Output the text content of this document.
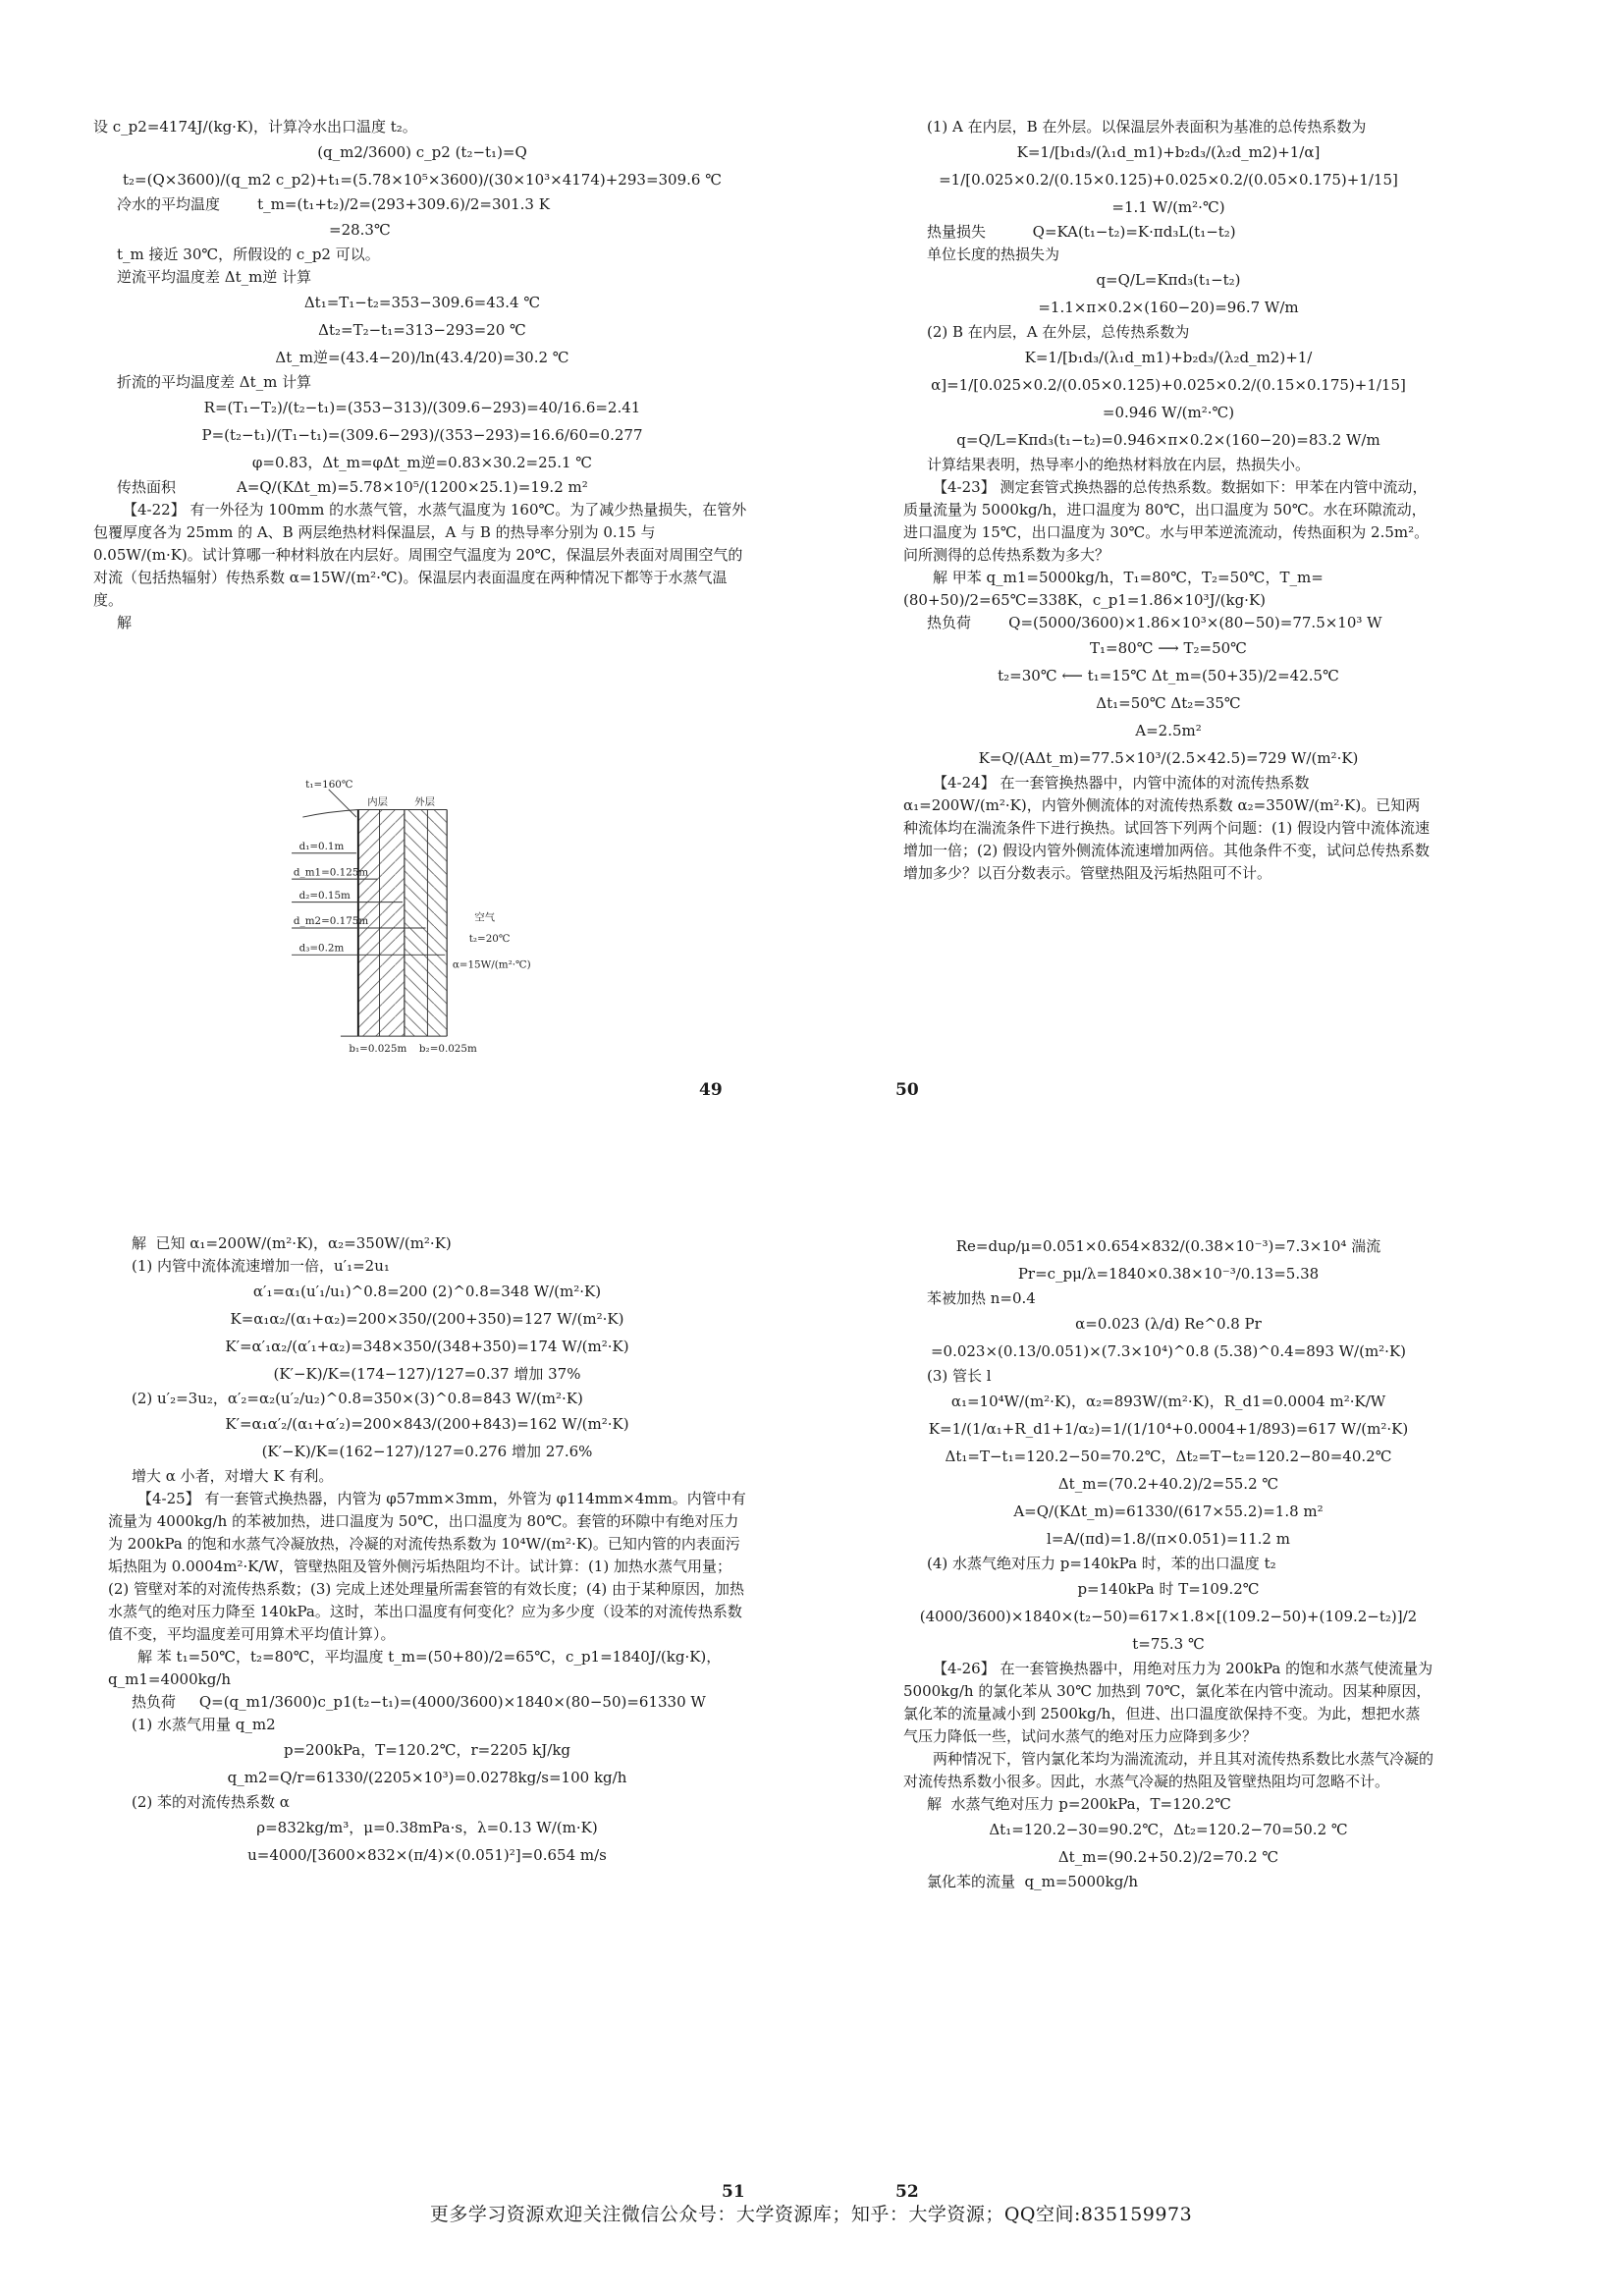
设 c_p2=4174J/(kg·K)，计算冷水出口温度 t₂。
(q_m2/3600) c_p2 (t₂−t₁)=Q
t₂=(Q×3600)/(q_m2 c_p2)+t₁=(5.78×10⁵×3600)/(30×10³×4174)+293=309.6 ℃
冷水的平均温度        t_m=(t₁+t₂)/2=(293+309.6)/2=301.3 K
=28.3℃
t_m 接近 30℃，所假设的 c_p2 可以。
逆流平均温度差 Δt_m逆 计算
Δt₁=T₁−t₂=353−309.6=43.4 ℃
Δt₂=T₂−t₁=313−293=20 ℃
Δt_m逆=(43.4−20)/ln(43.4/20)=30.2 ℃
折流的平均温度差 Δt_m 计算
R=(T₁−T₂)/(t₂−t₁)=(353−313)/(309.6−293)=40/16.6=2.41
P=(t₂−t₁)/(T₁−t₁)=(309.6−293)/(353−293)=16.6/60=0.277
φ=0.83，Δt_m=φΔt_m逆=0.83×30.2=25.1 ℃
传热面积             A=Q/(KΔt_m)=5.78×10⁵/(1200×25.1)=19.2 m²
【4-22】 有一外径为 100mm 的水蒸气管，水蒸气温度为 160℃。为了减少热量损失，在管外包覆厚度各为 25mm 的 A、B 两层绝热材料保温层，A 与 B 的热导率分别为 0.15 与 0.05W/(m·K)。试计算哪一种材料放在内层好。周围空气温度为 20℃，保温层外表面对周围空气的对流（包括热辐射）传热系数 α=15W/(m²·℃)。保温层内表面温度在两种情况下都等于水蒸气温度。
解
(1) A 在内层，B 在外层。以保温层外表面积为基准的总传热系数为
K=1/[b₁d₃/(λ₁d_m1)+b₂d₃/(λ₂d_m2)+1/α]
=1/[0.025×0.2/(0.15×0.125)+0.025×0.2/(0.05×0.175)+1/15]
=1.1 W/(m²·℃)
热量损失          Q=KA(t₁−t₂)=K·πd₃L(t₁−t₂)
单位长度的热损失为
q=Q/L=Kπd₃(t₁−t₂)
=1.1×π×0.2×(160−20)=96.7 W/m
(2) B 在内层，A 在外层，总传热系数为
K=1/[b₁d₃/(λ₁d_m1)+b₂d₃/(λ₂d_m2)+1/α]=1/[0.025×0.2/(0.05×0.125)+0.025×0.2/(0.15×0.175)+1/15]
=0.946 W/(m²·℃)
q=Q/L=Kπd₃(t₁−t₂)=0.946×π×0.2×(160−20)=83.2 W/m
计算结果表明，热导率小的绝热材料放在内层，热损失小。
【4-23】 测定套管式换热器的总传热系数。数据如下：甲苯在内管中流动，质量流量为 5000kg/h，进口温度为 80℃，出口温度为 50℃。水在环隙流动，进口温度为 15℃，出口温度为 30℃。水与甲苯逆流流动，传热面积为 2.5m²。问所测得的总传热系数为多大？
解 甲苯 q_m1=5000kg/h，T₁=80℃，T₂=50℃，T_m=(80+50)/2=65℃=338K，c_p1=1.86×10³J/(kg·K)
热负荷        Q=(5000/3600)×1.86×10³×(80−50)=77.5×10³ W
T₁=80℃ ⟶ T₂=50℃
t₂=30℃ ⟵ t₁=15℃ Δt_m=(50+35)/2=42.5℃
Δt₁=50℃ Δt₂=35℃
A=2.5m²
K=Q/(AΔt_m)=77.5×10³/(2.5×42.5)=729 W/(m²·K)
【4-24】 在一套管换热器中，内管中流体的对流传热系数 α₁=200W/(m²·K)，内管外侧流体的对流传热系数 α₂=350W/(m²·K)。已知两种流体均在湍流条件下进行换热。试回答下列两个问题：(1) 假设内管中流体流速增加一倍；(2) 假设内管外侧流体流速增加两倍。其他条件不变，试问总传热系数增加多少？以百分数表示。管壁热阻及污垢热阻可不计。
解  已知 α₁=200W/(m²·K)，α₂=350W/(m²·K)
(1) 内管中流体流速增加一倍，u′₁=2u₁
α′₁=α₁(u′₁/u₁)^0.8=200 (2)^0.8=348 W/(m²·K)
K=α₁α₂/(α₁+α₂)=200×350/(200+350)=127 W/(m²·K)
K′=α′₁α₂/(α′₁+α₂)=348×350/(348+350)=174 W/(m²·K)
(K′−K)/K=(174−127)/127=0.37 增加 37%
(2) u′₂=3u₂，α′₂=α₂(u′₂/u₂)^0.8=350×(3)^0.8=843 W/(m²·K)
K′=α₁α′₂/(α₁+α′₂)=200×843/(200+843)=162 W/(m²·K)
(K′−K)/K=(162−127)/127=0.276 增加 27.6%
增大 α 小者，对增大 K 有利。
【4-25】 有一套管式换热器，内管为 φ57mm×3mm，外管为 φ114mm×4mm。内管中有流量为 4000kg/h 的苯被加热，进口温度为 50℃，出口温度为 80℃。套管的环隙中有绝对压力为 200kPa 的饱和水蒸气冷凝放热，冷凝的对流传热系数为 10⁴W/(m²·K)。已知内管的内表面污垢热阻为 0.0004m²·K/W，管壁热阻及管外侧污垢热阻均不计。试计算：(1) 加热水蒸气用量；(2) 管壁对苯的对流传热系数；(3) 完成上述处理量所需套管的有效长度；(4) 由于某种原因，加热水蒸气的绝对压力降至 140kPa。这时，苯出口温度有何变化？应为多少度（设苯的对流传热系数值不变，平均温度差可用算术平均值计算）。
解 苯 t₁=50℃，t₂=80℃，平均温度 t_m=(50+80)/2=65℃，c_p1=1840J/(kg·K)，q_m1=4000kg/h
热负荷     Q=(q_m1/3600)c_p1(t₂−t₁)=(4000/3600)×1840×(80−50)=61330 W
(1) 水蒸气用量 q_m2
p=200kPa，T=120.2℃，r=2205 kJ/kg
q_m2=Q/r=61330/(2205×10³)=0.0278kg/s=100 kg/h
(2) 苯的对流传热系数 α
ρ=832kg/m³，μ=0.38mPa·s，λ=0.13 W/(m·K)
u=4000/[3600×832×(π/4)×(0.051)²]=0.654 m/s
Re=duρ/μ=0.051×0.654×832/(0.38×10⁻³)=7.3×10⁴ 湍流
Pr=c_pμ/λ=1840×0.38×10⁻³/0.13=5.38
苯被加热 n=0.4
α=0.023 (λ/d) Re^0.8 Pr
=0.023×(0.13/0.051)×(7.3×10⁴)^0.8 (5.38)^0.4=893 W/(m²·K)
(3) 管长 l
α₁=10⁴W/(m²·K)，α₂=893W/(m²·K)，R_d1=0.0004 m²·K/W
K=1/(1/α₁+R_d1+1/α₂)=1/(1/10⁴+0.0004+1/893)=617 W/(m²·K)
Δt₁=T−t₁=120.2−50=70.2℃，Δt₂=T−t₂=120.2−80=40.2℃
Δt_m=(70.2+40.2)/2=55.2 ℃
A=Q/(KΔt_m)=61330/(617×55.2)=1.8 m²
l=A/(πd)=1.8/(π×0.051)=11.2 m
(4) 水蒸气绝对压力 p=140kPa 时，苯的出口温度 t₂
p=140kPa 时 T=109.2℃
(4000/3600)×1840×(t₂−50)=617×1.8×[(109.2−50)+(109.2−t₂)]/2
t=75.3 ℃
【4-26】 在一套管换热器中，用绝对压力为 200kPa 的饱和水蒸气使流量为 5000kg/h 的氯化苯从 30℃ 加热到 70℃，氯化苯在内管中流动。因某种原因，氯化苯的流量减小到 2500kg/h，但进、出口温度欲保持不变。为此，想把水蒸气压力降低一些，试问水蒸气的绝对压力应降到多少？
两种情况下，管内氯化苯均为湍流流动，并且其对流传热系数比水蒸气冷凝的对流传热系数小很多。因此，水蒸气冷凝的热阻及管壁热阻均可忽略不计。
解  水蒸气绝对压力 p=200kPa，T=120.2℃
Δt₁=120.2−30=90.2℃，Δt₂=120.2−70=50.2 ℃
Δt_m=(90.2+50.2)/2=70.2 ℃
氯化苯的流量  q_m=5000kg/h
49	50
51	52
t₁=160℃
内层 外层
d₁=0.1m
d_m1=0.125m
d₂=0.15m
d_m2=0.175m
d₃=0.2m
空气
t₂=20℃
α=15W/(m²·℃)
b₁=0.025m b₂=0.025m
更多学习资源欢迎关注微信公众号：大学资源库；知乎：大学资源；QQ空间:835159973
